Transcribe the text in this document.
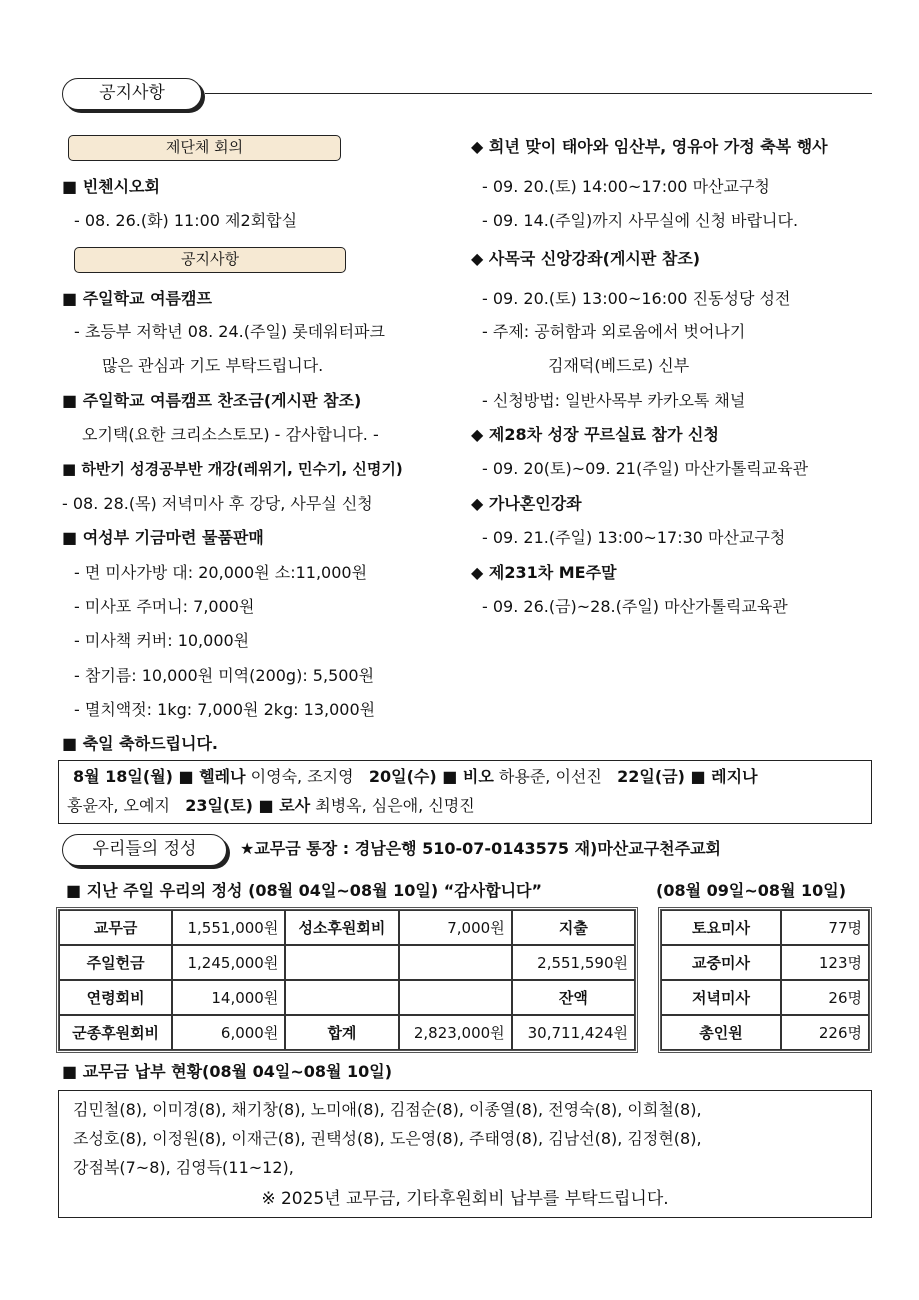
공지사항
제단체 회의
■ 빈첸시오회
- 08. 26.(화) 11:00 제2회합실
공지사항
■ 주일학교 여름캠프
- 초등부 저학년 08. 24.(주일) 롯데워터파크
많은 관심과 기도 부탁드립니다.
■ 주일학교 여름캠프 찬조금(게시판 참조)
오기택(요한 크리소스토모) - 감사합니다. -
■ 하반기 성경공부반 개강(레위기, 민수기, 신명기)
- 08. 28.(목) 저녁미사 후 강당, 사무실 신청
■ 여성부 기금마련 물품판매
- 면 미사가방 대: 20,000원 소:11,000원
- 미사포 주머니: 7,000원
- 미사책 커버: 10,000원
- 참기름: 10,000원 미역(200g): 5,500원
- 멸치액젓: 1kg: 7,000원 2kg: 13,000원
■ 축일 축하드립니다.
◆ 희년 맞이 태아와 임산부, 영유아 가정 축복 행사
- 09. 20.(토) 14:00~17:00 마산교구청
- 09. 14.(주일)까지 사무실에 신청 바랍니다.
◆ 사목국 신앙강좌(게시판 참조)
- 09. 20.(토) 13:00~16:00 진동성당 성전
- 주제: 공허함과 외로움에서 벗어나기
김재덕(베드로) 신부
- 신청방법: 일반사목부 카카오톡 채널
◆ 제28차 성장 꾸르실료 참가 신청
- 09. 20(토)~09. 21(주일) 마산가톨릭교육관
◆ 가나혼인강좌
- 09. 21.(주일) 13:00~17:30 마산교구청
◆ 제231차 ME주말
- 09. 26.(금)~28.(주일) 마산가톨릭교육관
8월 18일(월) ■ 헬레나 이영숙, 조지영 20일(수) ■ 비오 하용준, 이선진 22일(금) ■ 레지나
홍윤자, 오예지 23일(토) ■ 로사 최병옥, 심은애, 신명진
우리들의 정성	★교무금 통장 : 경남은행 510-07-0143575 재)마산교구천주교회
■ 지난 주일 우리의 정성 (08월 04일~08월 10일) “감사합니다”	(08월 09일~08월 10일)
교무금	1,551,000원	성소후원회비	7,000원	지출
주일헌금	1,245,000원			2,551,590원
연령회비	14,000원			잔액
군종후원회비	6,000원	합계	2,823,000원	30,711,424원
토요미사	77명
교중미사	123명
저녁미사	26명
총인원	226명
■ 교무금 납부 현황(08월 04일~08월 10일)
김민철(8), 이미경(8), 채기창(8), 노미애(8), 김점순(8), 이종열(8), 전영숙(8), 이희철(8),
조성호(8), 이정원(8), 이재근(8), 권택성(8), 도은영(8), 주태영(8), 김남선(8), 김정현(8),
강점복(7~8), 김영득(11~12),
※ 2025년 교무금, 기타후원회비 납부를 부탁드립니다.
